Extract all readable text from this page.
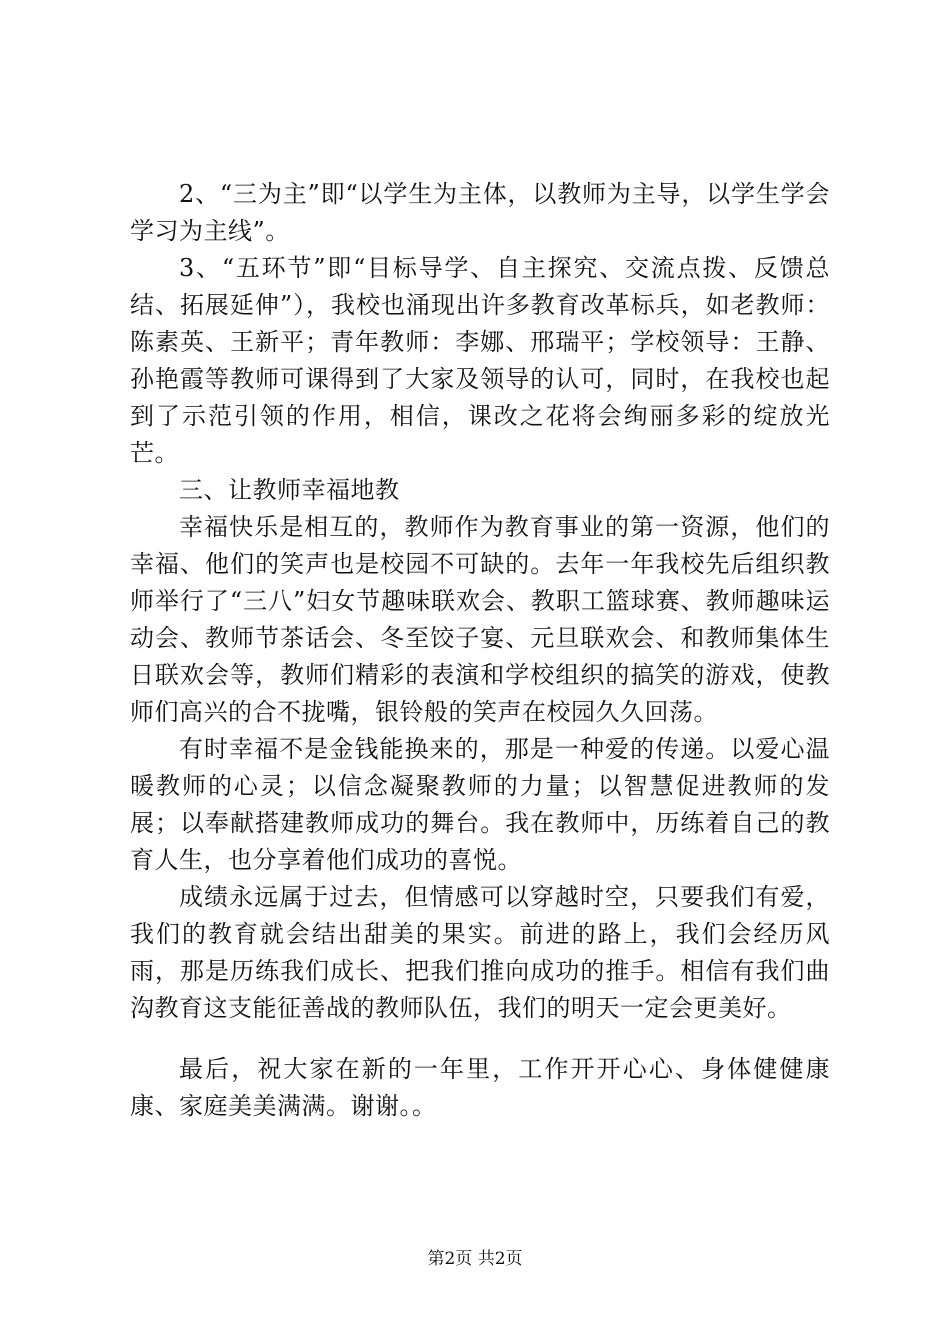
2、“三为主”即“以学生为主体，以教师为主导，以学生学会学习为主线”。

3、“五环节”即“目标导学、自主探究、交流点拨、反馈总结、拓展延伸”），我校也涌现出许多教育改革标兵，如老教师：陈素英、王新平；青年教师：李娜、邢瑞平；学校领导：王静、孙艳霞等教师可课得到了大家及领导的认可，同时，在我校也起到了示范引领的作用，相信，课改之花将会绚丽多彩的绽放光芒。

三、让教师幸福地教

幸福快乐是相互的，教师作为教育事业的第一资源，他们的幸福、他们的笑声也是校园不可缺的。去年一年我校先后组织教师举行了“三八”妇女节趣味联欢会、教职工篮球赛、教师趣味运动会、教师节茶话会、冬至饺子宴、元旦联欢会、和教师集体生日联欢会等，教师们精彩的表演和学校组织的搞笑的游戏，使教师们高兴的合不拢嘴，银铃般的笑声在校园久久回荡。

有时幸福不是金钱能换来的，那是一种爱的传递。以爱心温暖教师的心灵；以信念凝聚教师的力量；以智慧促进教师的发展；以奉献搭建教师成功的舞台。我在教师中，历练着自己的教育人生，也分享着他们成功的喜悦。

成绩永远属于过去，但情感可以穿越时空，只要我们有爱，我们的教育就会结出甜美的果实。前进的路上，我们会经历风雨，那是历练我们成长、把我们推向成功的推手。相信有我们曲沟教育这支能征善战的教师队伍，我们的明天一定会更美好。

最后，祝大家在新的一年里，工作开开心心、身体健健康康、家庭美美满满。谢谢。。

第2页 共2页
